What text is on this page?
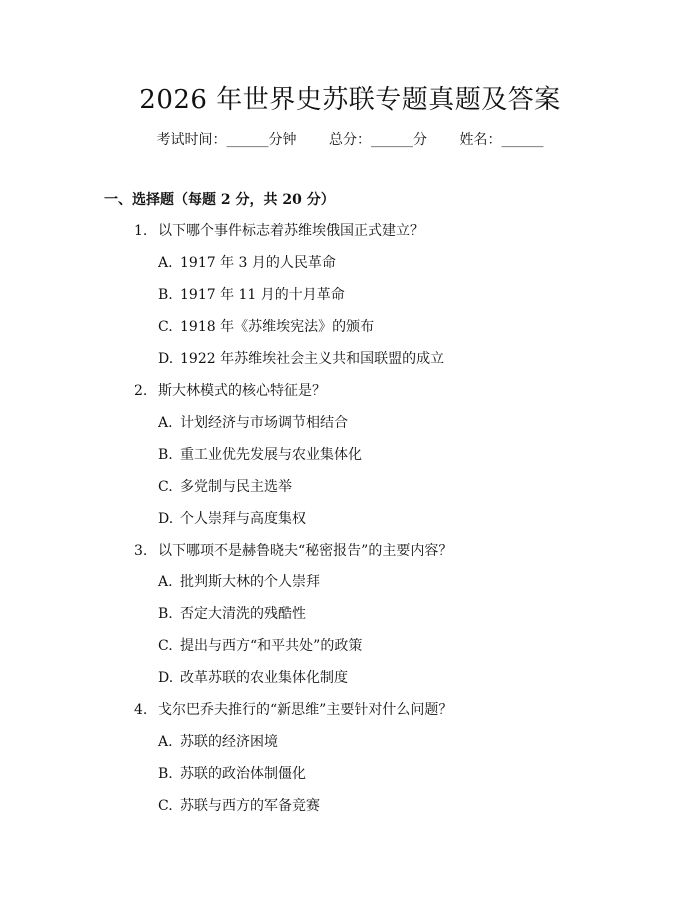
2026 年世界史苏联专题真题及答案
考试时间：______分钟 总分：______分 姓名：______
一、选择题（每题 2 分，共 20 分）
1. 以下哪个事件标志着苏维埃俄国正式建立？
A. 1917 年 3 月的人民革命
B. 1917 年 11 月的十月革命
C. 1918 年《苏维埃宪法》的颁布
D. 1922 年苏维埃社会主义共和国联盟的成立
2. 斯大林模式的核心特征是？
A. 计划经济与市场调节相结合
B. 重工业优先发展与农业集体化
C. 多党制与民主选举
D. 个人崇拜与高度集权
3. 以下哪项不是赫鲁晓夫“秘密报告”的主要内容？
A. 批判斯大林的个人崇拜
B. 否定大清洗的残酷性
C. 提出与西方“和平共处”的政策
D. 改革苏联的农业集体化制度
4. 戈尔巴乔夫推行的“新思维”主要针对什么问题？
A. 苏联的经济困境
B. 苏联的政治体制僵化
C. 苏联与西方的军备竞赛
